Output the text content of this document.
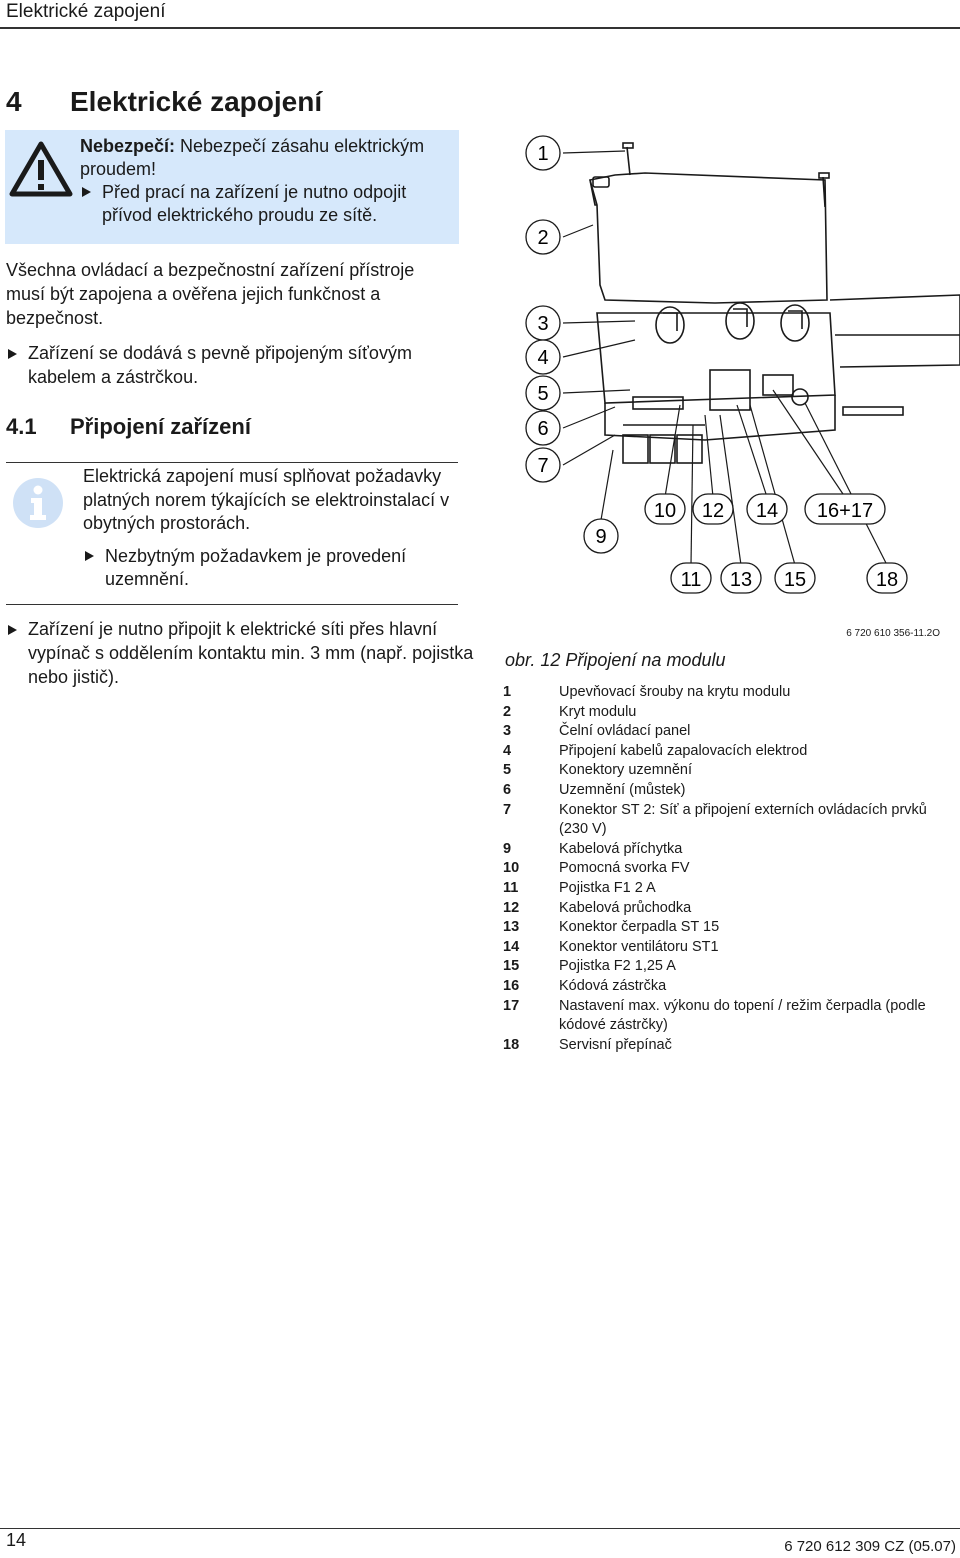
Elektrické zapojení
4 Elektrické zapojení
Nebezpečí: Nebezpečí zásahu elektrickým proudem!
Před prací na zařízení je nutno odpojit přívod elektrického proudu ze sítě.
Všechna ovládací a bezpečnostní zařízení přístroje musí být zapojena a ověřena jejich funkčnost a bezpečnost.
Zařízení se dodává s pevně připojeným síťovým kabelem a zástrčkou.
4.1 Připojení zařízení
Elektrická zapojení musí splňovat požadavky platných norem týkajících se elektroinstalací v obytných prostorách.
Nezbytným požadavkem je provedení uzemnění.
Zařízení je nutno připojit k elektrické síti přes hlavní vypínač s oddělením kontaktu min. 3 mm (např. pojistka nebo jistič).
1
2
3
4
5
6
7
9
10 12 14 16+17
11 13 15	18
6 720 610 356-11.2O
obr. 12 Připojení na modulu
1	Upevňovací šrouby na krytu modulu
2	Kryt modulu
3	Čelní ovládací panel
4	Připojení kabelů zapalovacích elektrod
5	Konektory uzemnění
6	Uzemnění (můstek)
7	Konektor ST 2: Síť a připojení externích ovládacích prvků (230 V)
9	Kabelová příchytka
10	Pomocná svorka FV
11	Pojistka F1 2 A
12	Kabelová průchodka
13	Konektor čerpadla ST 15
14	Konektor ventilátoru ST1
15	Pojistka F2 1,25 A
16	Kódová zástrčka
17	Nastavení max. výkonu do topení / režim čerpadla (podle kódové zástrčky)
18	Servisní přepínač
14	6 720 612 309 CZ (05.07)
